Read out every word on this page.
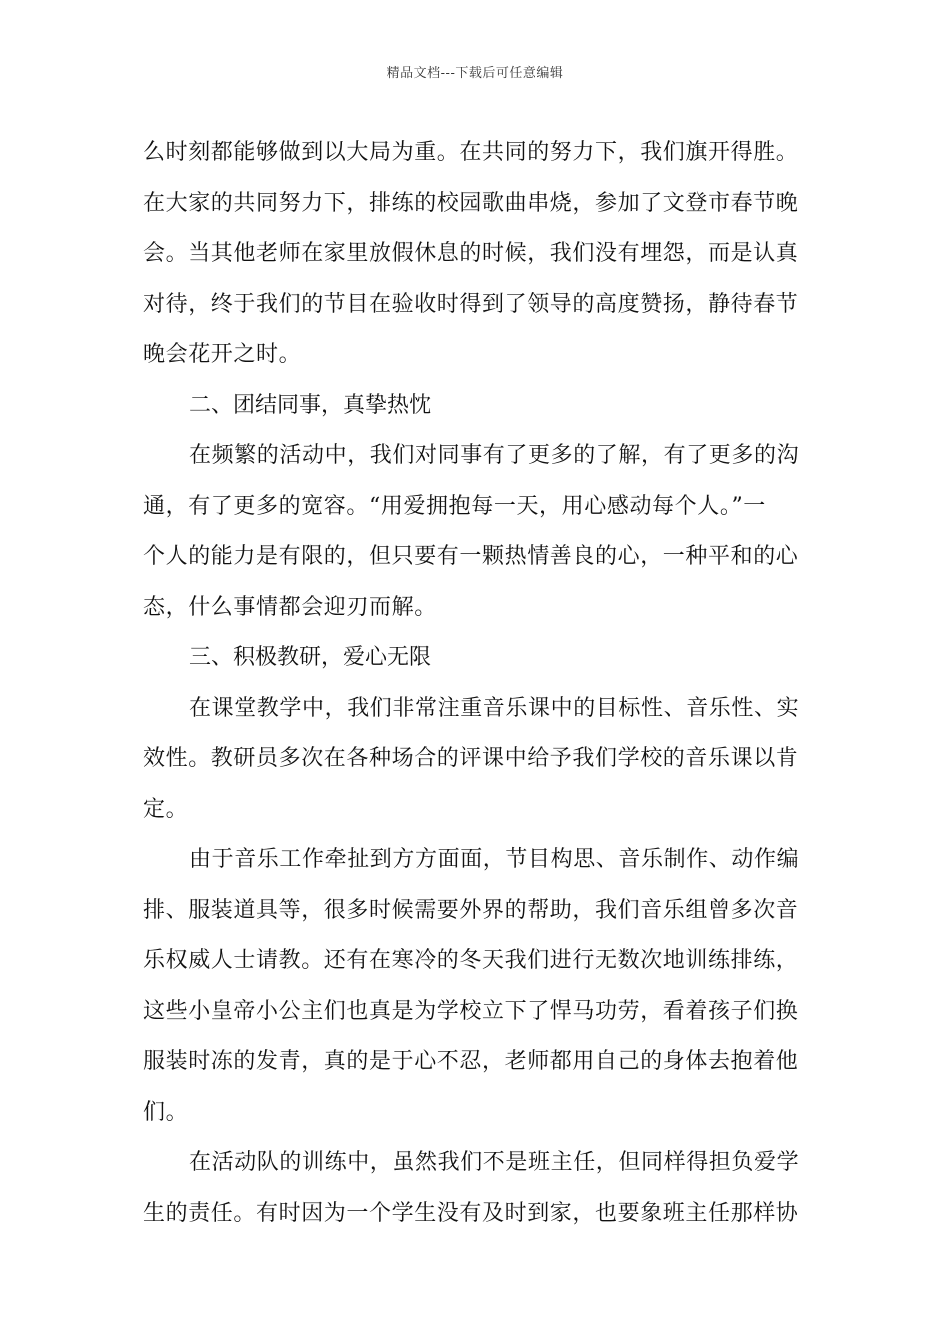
精品文档---下载后可任意编辑
么时刻都能够做到以大局为重。在共同的努力下，我们旗开得胜。
在大家的共同努力下，排练的校园歌曲串烧，参加了文登市春节晚
会。当其他老师在家里放假休息的时候，我们没有埋怨，而是认真
对待，终于我们的节目在验收时得到了领导的高度赞扬，静待春节
晚会花开之时。
二、团结同事，真挚热忱
在频繁的活动中，我们对同事有了更多的了解，有了更多的沟
通，有了更多的宽容。“用爱拥抱每一天，用心感动每个人。”一
个人的能力是有限的，但只要有一颗热情善良的心，一种平和的心
态，什么事情都会迎刃而解。
三、积极教研，爱心无限
在课堂教学中，我们非常注重音乐课中的目标性、音乐性、实
效性。教研员多次在各种场合的评课中给予我们学校的音乐课以肯
定。
由于音乐工作牵扯到方方面面，节目构思、音乐制作、动作编
排、服装道具等，很多时候需要外界的帮助，我们音乐组曾多次音
乐权威人士请教。还有在寒冷的冬天我们进行无数次地训练排练，
这些小皇帝小公主们也真是为学校立下了悍马功劳，看着孩子们换
服装时冻的发青，真的是于心不忍，老师都用自己的身体去抱着他
们。
在活动队的训练中，虽然我们不是班主任，但同样得担负爱学
生的责任。有时因为一个学生没有及时到家，也要象班主任那样协
